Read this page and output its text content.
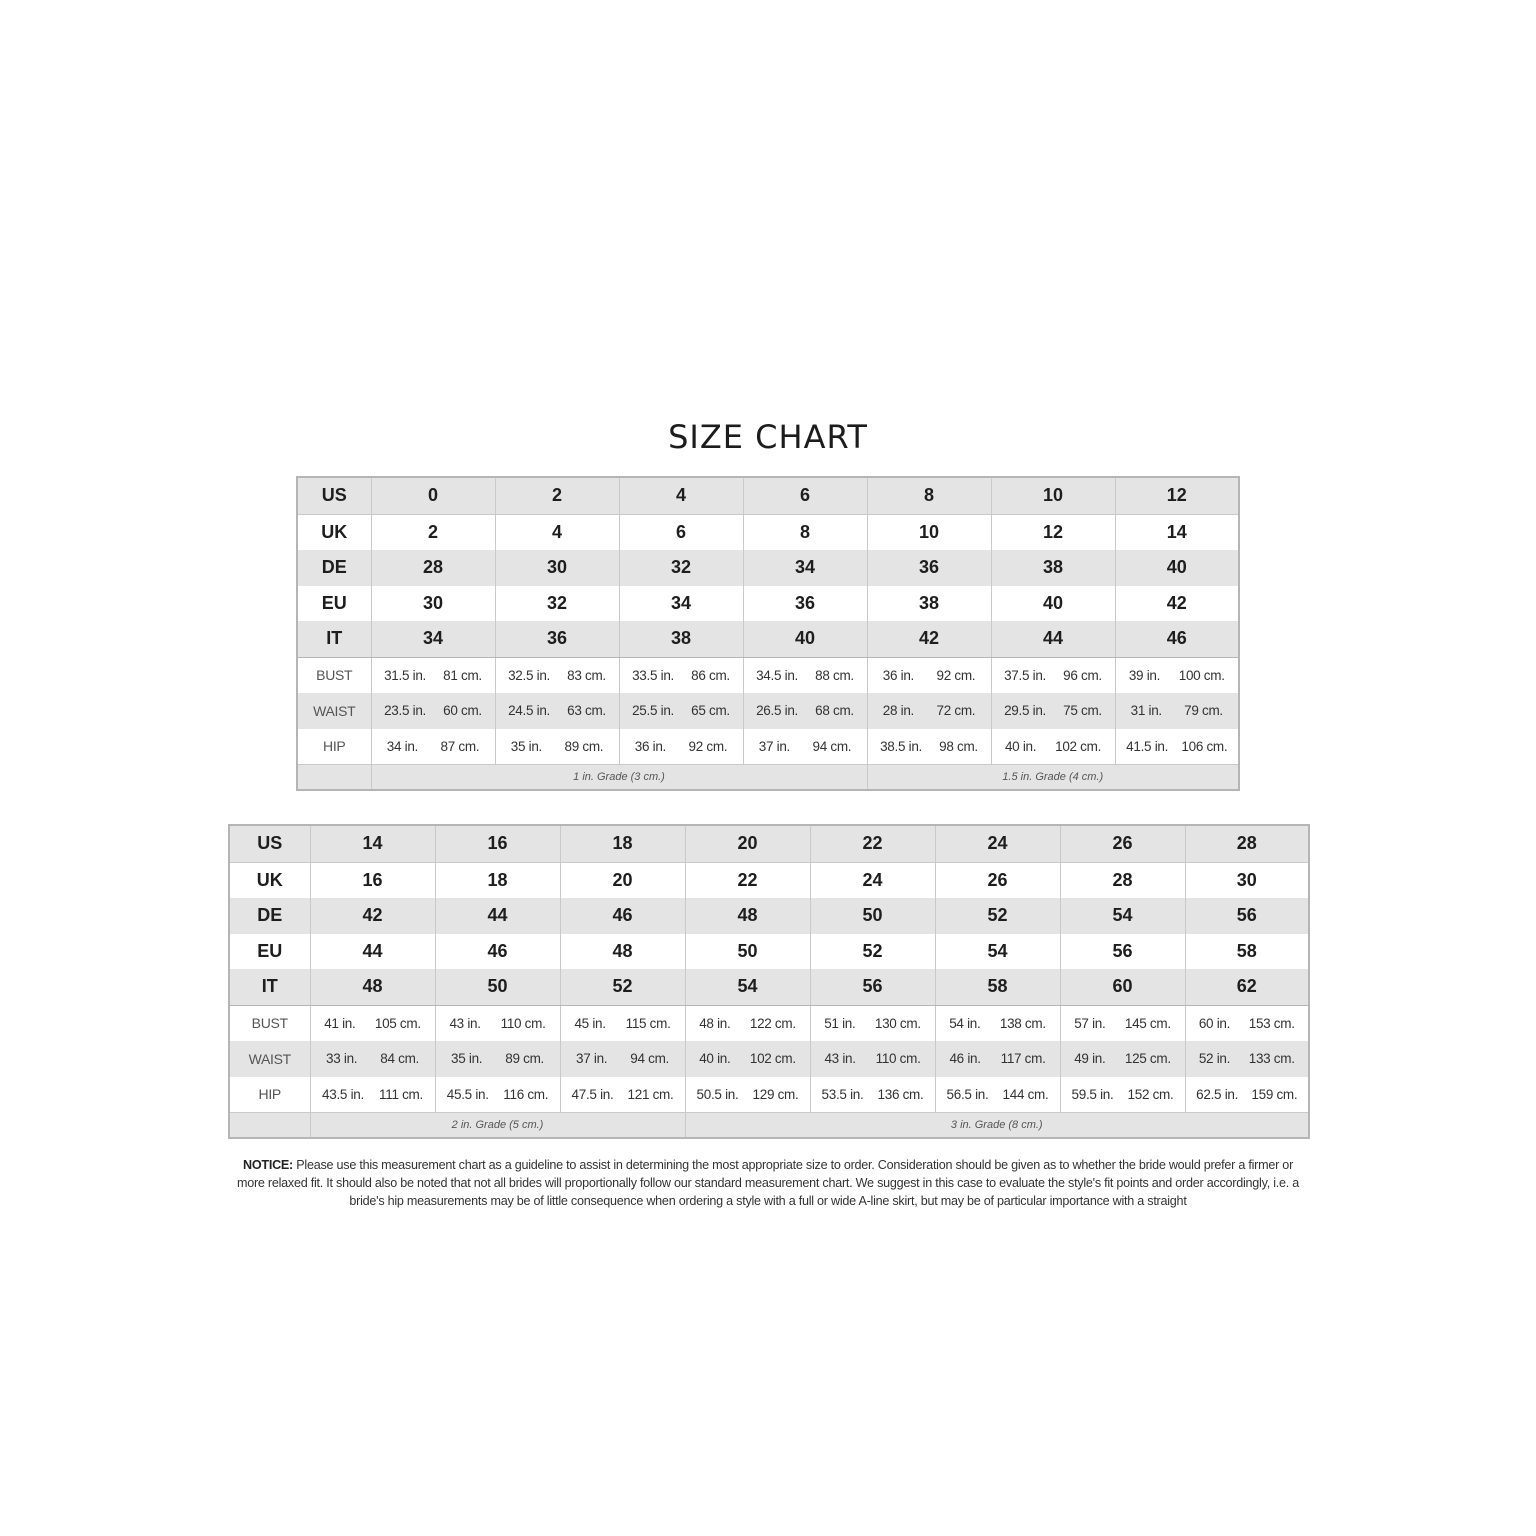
SIZE CHART
US	0	2	4	6	8	10	12
UK	2	4	6	8	10	12	14
DE	28	30	32	34	36	38	40
EU	30	32	34	36	38	40	42
IT	34	36	38	40	42	44	46
BUST	31.5 in. 81 cm.	32.5 in. 83 cm.	33.5 in. 86 cm.	34.5 in. 88 cm.	36 in. 92 cm.	37.5 in. 96 cm.	39 in. 100 cm.

WAIST	23.5 in. 60 cm.	24.5 in. 63 cm.	25.5 in. 65 cm.	26.5 in. 68 cm.	28 in. 72 cm.	29.5 in. 75 cm.	31 in. 79 cm.

HIP	34 in. 87 cm.	35 in. 89 cm.	36 in. 92 cm.	37 in. 94 cm.	38.5 in. 98 cm.	40 in. 102 cm.	41.5 in. 106 cm.

	1 in. Grade (3 cm.)				1.5 in. Grade (4 cm.)		
US	14	16	18	20	22	24	26	28
UK	16	18	20	22	24	26	28	30
DE	42	44	46	48	50	52	54	56
EU	44	46	48	50	52	54	56	58
IT	48	50	52	54	56	58	60	62
BUST	41 in. 105 cm.	43 in. 110 cm.	45 in. 115 cm.	48 in. 122 cm.	51 in. 130 cm.	54 in. 138 cm.	57 in. 145 cm.	60 in. 153 cm.

WAIST	33 in. 84 cm.	35 in. 89 cm.	37 in. 94 cm.	40 in. 102 cm.	43 in. 110 cm.	46 in. 117 cm.	49 in. 125 cm.	52 in. 133 cm.

HIP	43.5 in. 111 cm.	45.5 in. 116 cm.	47.5 in. 121 cm.	50.5 in. 129 cm.	53.5 in. 136 cm.	56.5 in. 144 cm.	59.5 in. 152 cm.	62.5 in. 159 cm.

	2 in. Grade (5 cm.)			3 in. Grade (8 cm.)				
NOTICE: Please use this measurement chart as a guideline to assist in determining the most appropriate size to order. Consideration should be given as to whether the bride would prefer a firmer or more relaxed fit. It should also be noted that not all brides will proportionally follow our standard measurement chart. We suggest in this case to evaluate the style's fit points and order accordingly, i.e. a bride's hip measurements may be of little consequence when ordering a style with a full or wide A-line skirt, but may be of particular importance with a straight
